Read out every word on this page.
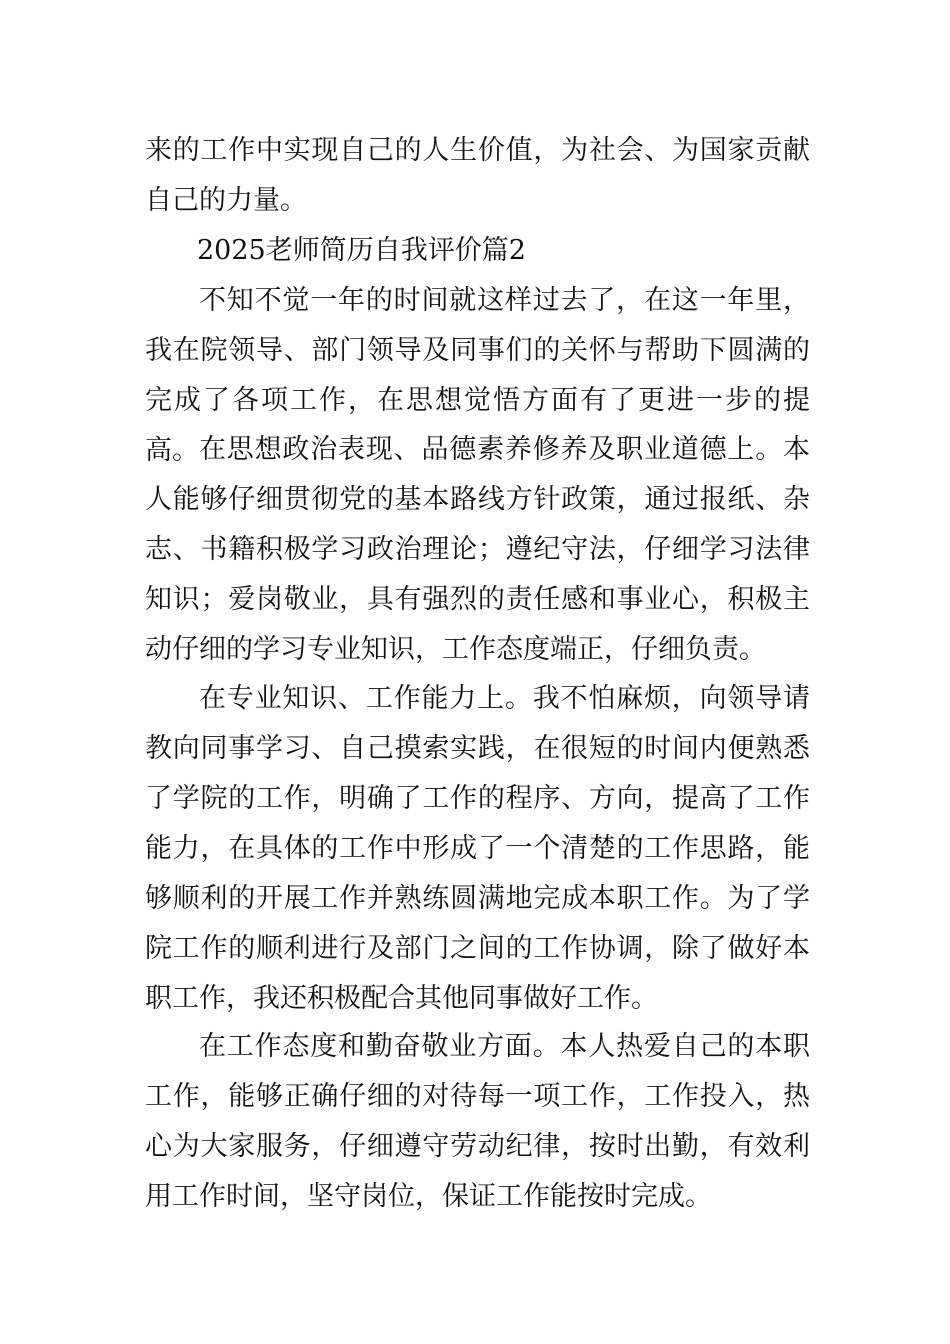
来的工作中实现自己的人生价值，为社会、为国家贡献自己的力量。

2025老师简历自我评价篇2

不知不觉一年的时间就这样过去了，在这一年里，我在院领导、部门领导及同事们的关怀与帮助下圆满的完成了各项工作，在思想觉悟方面有了更进一步的提高。 在思想政治表现、品德素养修养及职业道德上。本人能够仔细贯彻党的基本路线方针政策，通过报纸、杂志、书籍积极学习政治理论；遵纪守法，仔细学习法律知识；爱岗敬业，具有强烈的责任感和事业心，积极主动仔细的学习专业知识，工作态度端正，仔细负责。

在专业知识、工作能力上。我不怕麻烦，向领导请教向同事学习、自己摸索实践，在很短的时间内便熟悉了学院的工作，明确了工作的程序、方向，提高了工作能力，在具体的工作中形成了一个清楚的工作思路，能够顺利的开展工作并熟练圆满地完成本职工作。为了学院工作的顺利进行及部门之间的工作协调，除了做好本职工作，我还积极配合其他同事做好工作。

在工作态度和勤奋敬业方面。本人热爱自己的本职工作，能够正确仔细的对待每一项工作，工作投入，热心为大家服务，仔细遵守劳动纪律，按时出勤，有效利用工作时间，坚守岗位，保证工作能按时完成。
